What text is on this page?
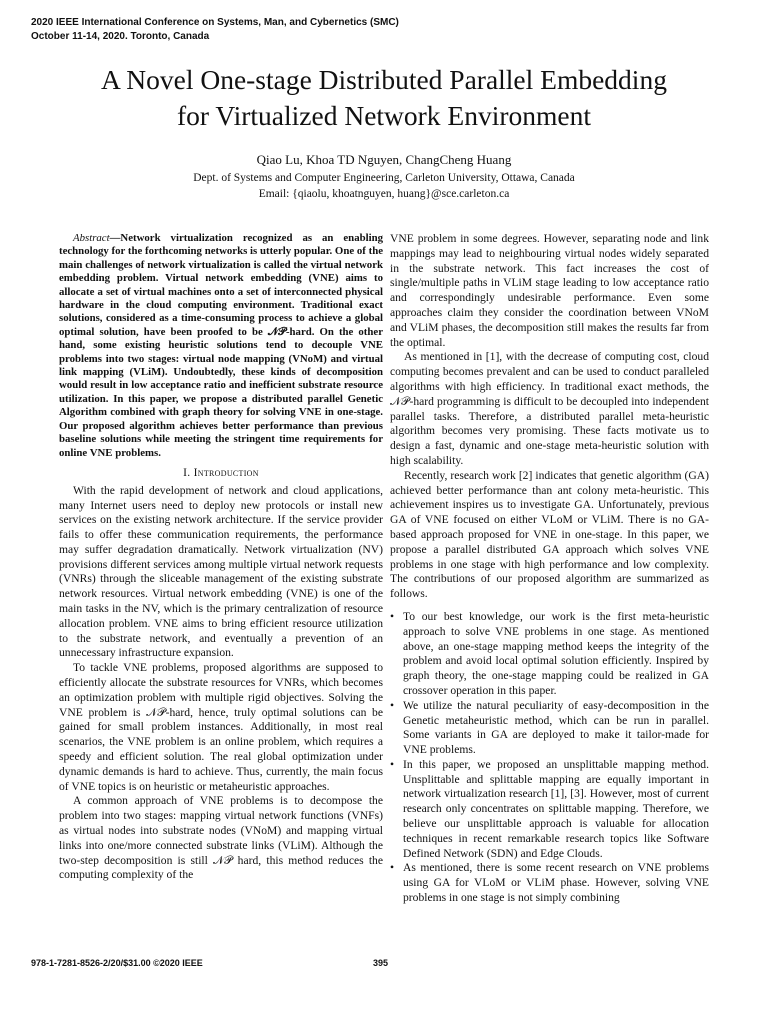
2020 IEEE International Conference on Systems, Man, and Cybernetics (SMC)
October 11-14, 2020. Toronto, Canada
A Novel One-stage Distributed Parallel Embedding
for Virtualized Network Environment
Qiao Lu, Khoa TD Nguyen, ChangCheng Huang
Dept. of Systems and Computer Engineering, Carleton University, Ottawa, Canada
Email: {qiaolu, khoatnguyen, huang}@sce.carleton.ca

Abstract—Network virtualization recognized as an enabling technology for the forthcoming networks is utterly popular. One of the main challenges of network virtualization is called the virtual network embedding problem. Virtual network embedding (VNE) aims to allocate a set of virtual machines onto a set of interconnected physical hardware in the cloud computing environment. Traditional exact solutions, considered as a time-consuming process to achieve a global optimal solution, have been proofed to be 𝒩𝒫-hard. On the other hand, some existing heuristic solutions tend to decouple VNE problems into two stages: virtual node mapping (VNoM) and virtual link mapping (VLiM). Undoubtedly, these kinds of decomposition would result in low acceptance ratio and inefficient substrate resource utilization. In this paper, we propose a distributed parallel Genetic Algorithm combined with graph theory for solving VNE in one-stage. Our proposed algorithm achieves better performance than previous baseline solutions while meeting the stringent time requirements for online VNE problems.

I. Introduction

With the rapid development of network and cloud applications, many Internet users need to deploy new protocols or install new services on the existing network architecture. If the service provider fails to offer these communication requirements, the performance may suffer degradation dramatically. Network virtualization (NV) provisions different services among multiple virtual network requests (VNRs) through the sliceable management of the existing substrate network resources. Virtual network embedding (VNE) is one of the main tasks in the NV, which is the primary centralization of resource allocation problem. VNE aims to bring efficient resource utilization to the substrate network, and eventually a prevention of an unnecessary infrastructure expansion.

To tackle VNE problems, proposed algorithms are supposed to efficiently allocate the substrate resources for VNRs, which becomes an optimization problem with multiple rigid objectives. Solving the VNE problem is 𝒩𝒫-hard, hence, truly optimal solutions can be gained for small problem instances. Additionally, in most real scenarios, the VNE problem is an online problem, which requires a speedy and efficient solution. The real global optimization under dynamic demands is hard to achieve. Thus, currently, the main focus of VNE topics is on heuristic or metaheuristic approaches.

A common approach of VNE problems is to decompose the problem into two stages: mapping virtual network functions (VNFs) as virtual nodes into substrate nodes (VNoM) and mapping virtual links into one/more connected substrate links (VLiM). Although the two-step decomposition is still 𝒩𝒫 hard, this method reduces the computing complexity of the

VNE problem in some degrees. However, separating node and link mappings may lead to neighbouring virtual nodes widely separated in the substrate network. This fact increases the cost of single/multiple paths in VLiM stage leading to low acceptance ratio and correspondingly undesirable performance. Even some approaches claim they consider the coordination between VNoM and VLiM phases, the decomposition still makes the results far from the optimal.

As mentioned in [1], with the decrease of computing cost, cloud computing becomes prevalent and can be used to conduct paralleled algorithms with high efficiency. In traditional exact methods, the 𝒩𝒫-hard programming is difficult to be decoupled into independent parallel tasks. Therefore, a distributed parallel meta-heuristic algorithm becomes very promising. These facts motivate us to design a fast, dynamic and one-stage meta-heuristic solution with high scalability.

Recently, research work [2] indicates that genetic algorithm (GA) achieved better performance than ant colony meta-heuristic. This achievement inspires us to investigate GA. Unfortunately, previous GA of VNE focused on either VLoM or VLiM. There is no GA-based approach proposed for VNE in one-stage. In this paper, we propose a parallel distributed GA approach which solves VNE problems in one stage with high performance and low complexity. The contributions of our proposed algorithm are summarized as follows.

• To our best knowledge, our work is the first meta-heuristic approach to solve VNE problems in one stage. As mentioned above, an one-stage mapping method keeps the integrity of the problem and avoid local optimal solution efficiently. Inspired by graph theory, the one-stage mapping could be realized in GA crossover operation in this paper.
• We utilize the natural peculiarity of easy-decomposition in the Genetic metaheuristic method, which can be run in parallel. Some variants in GA are deployed to make it tailor-made for VNE problems.
• In this paper, we proposed an unsplittable mapping method. Unsplittable and splittable mapping are equally important in network virtualization research [1], [3]. However, most of current research only concentrates on splittable mapping. Therefore, we believe our unsplittable approach is valuable for allocation techniques in recent remarkable research topics like Software Defined Network (SDN) and Edge Clouds.
• As mentioned, there is some recent research on VNE problems using GA for VLoM or VLiM phase. However, solving VNE problems in one stage is not simply combining
978-1-7281-8526-2/20/$31.00 ©2020 IEEE	395
